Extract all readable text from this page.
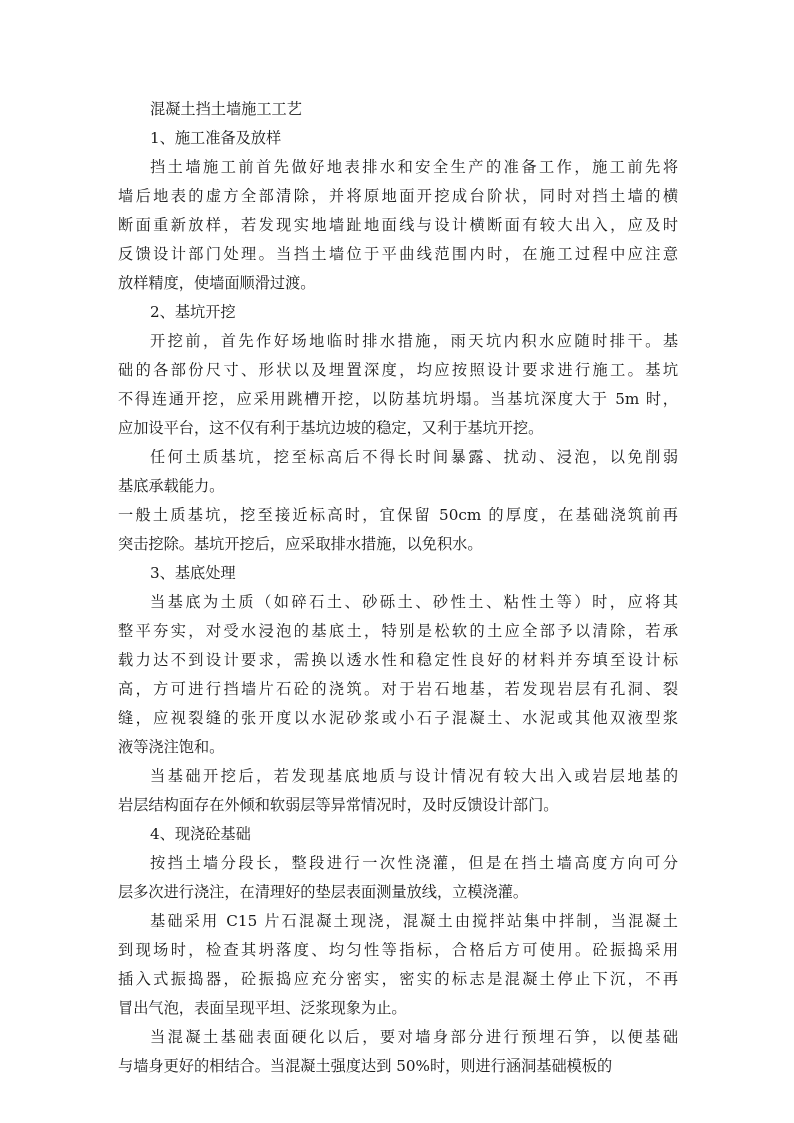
混凝土挡土墙施工工艺
1、施工准备及放样
挡土墙施工前首先做好地表排水和安全生产的准备工作，施工前先将
墙后地表的虚方全部清除，并将原地面开挖成台阶状，同时对挡土墙的横
断面重新放样，若发现实地墙趾地面线与设计横断面有较大出入，应及时
反馈设计部门处理。当挡土墙位于平曲线范围内时，在施工过程中应注意
放样精度，使墙面顺滑过渡。
2、基坑开挖
开挖前，首先作好场地临时排水措施，雨天坑内积水应随时排干。基
础的各部份尺寸、形状以及埋置深度，均应按照设计要求进行施工。基坑
不得连通开挖，应采用跳槽开挖，以防基坑坍塌。当基坑深度大于 5m 时，
应加设平台，这不仅有利于基坑边坡的稳定，又利于基坑开挖。
任何土质基坑，挖至标高后不得长时间暴露、扰动、浸泡，以免削弱
基底承载能力。
一般土质基坑，挖至接近标高时，宜保留 50cm 的厚度，在基础浇筑前再
突击挖除。基坑开挖后，应采取排水措施，以免积水。
3、基底处理
当基底为土质（如碎石土、砂砾土、砂性土、粘性土等）时，应将其
整平夯实，对受水浸泡的基底土，特别是松软的土应全部予以清除，若承
载力达不到设计要求，需换以透水性和稳定性良好的材料并夯填至设计标
高，方可进行挡墙片石砼的浇筑。对于岩石地基，若发现岩层有孔洞、裂
缝，应视裂缝的张开度以水泥砂浆或小石子混凝土、水泥或其他双液型浆
液等浇注饱和。
当基础开挖后，若发现基底地质与设计情况有较大出入或岩层地基的
岩层结构面存在外倾和软弱层等异常情况时，及时反馈设计部门。
4、现浇砼基础
按挡土墙分段长，整段进行一次性浇灌，但是在挡土墙高度方向可分
层多次进行浇注，在清理好的垫层表面测量放线，立模浇灌。
基础采用 C15 片石混凝土现浇，混凝土由搅拌站集中拌制，当混凝土
到现场时，检查其坍落度、均匀性等指标，合格后方可使用。砼振捣采用
插入式振捣器，砼振捣应充分密实，密实的标志是混凝土停止下沉，不再
冒出气泡，表面呈现平坦、泛浆现象为止。
当混凝土基础表面硬化以后，要对墙身部分进行预埋石笋，以便基础
与墙身更好的相结合。当混凝土强度达到 50%时，则进行涵洞基础模板的
